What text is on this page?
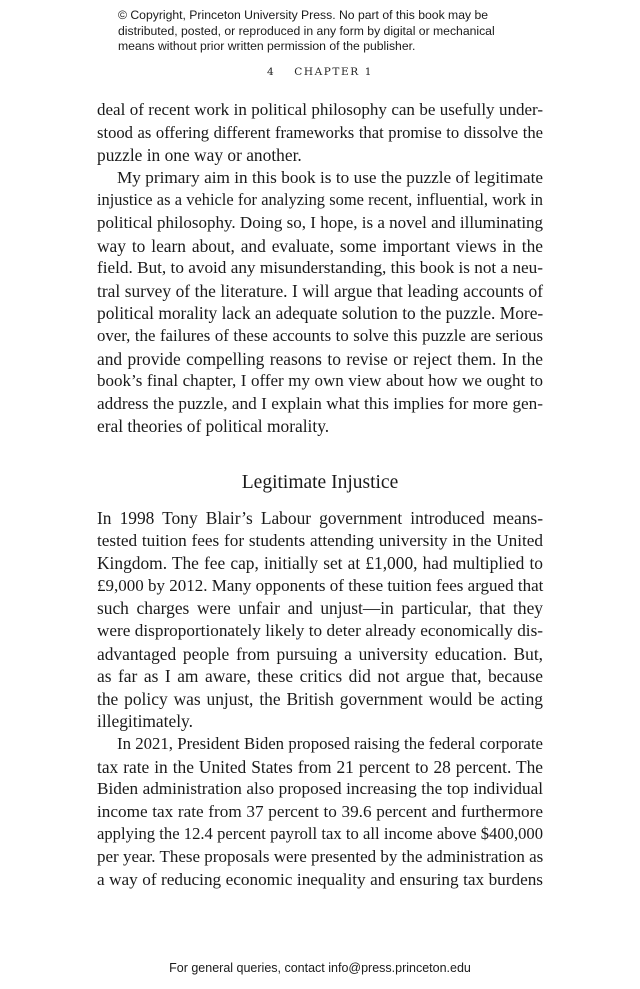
© Copyright, Princeton University Press. No part of this book may be
distributed, posted, or reproduced in any form by digital or mechanical
means without prior written permission of the publisher.
4 CHAPTER 1
deal of recent work in political philosophy can be usefully under-
stood as offering different frameworks that promise to dissolve the
puzzle in one way or another.
My primary aim in this book is to use the puzzle of legitimate
injustice as a vehicle for analyzing some recent, influential, work in
political philosophy. Doing so, I hope, is a novel and illuminating
way to learn about, and evaluate, some important views in the
field. But, to avoid any misunderstanding, this book is not a neu-
tral survey of the literature. I will argue that leading accounts of
political morality lack an adequate solution to the puzzle. More-
over, the failures of these accounts to solve this puzzle are serious
and provide compelling reasons to revise or reject them. In the
book’s final chapter, I offer my own view about how we ought to
address the puzzle, and I explain what this implies for more gen-
eral theories of political morality.
Legitimate Injustice
In 1998 Tony Blair’s Labour government introduced means-
tested tuition fees for students attending university in the United
Kingdom. The fee cap, initially set at £1,000, had multiplied to
£9,000 by 2012. Many opponents of these tuition fees argued that
such charges were unfair and unjust—in particular, that they
were disproportionately likely to deter already economically dis-
advantaged people from pursuing a university education. But,
as far as I am aware, these critics did not argue that, because
the policy was unjust, the British government would be acting
illegitimately.
In 2021, President Biden proposed raising the federal corporate
tax rate in the United States from 21 percent to 28 percent. The
Biden administration also proposed increasing the top individual
income tax rate from 37 percent to 39.6 percent and furthermore
applying the 12.4 percent payroll tax to all income above $400,000
per year. These proposals were presented by the administration as
a way of reducing economic inequality and ensuring tax burdens
For general queries, contact info@press.princeton.edu
